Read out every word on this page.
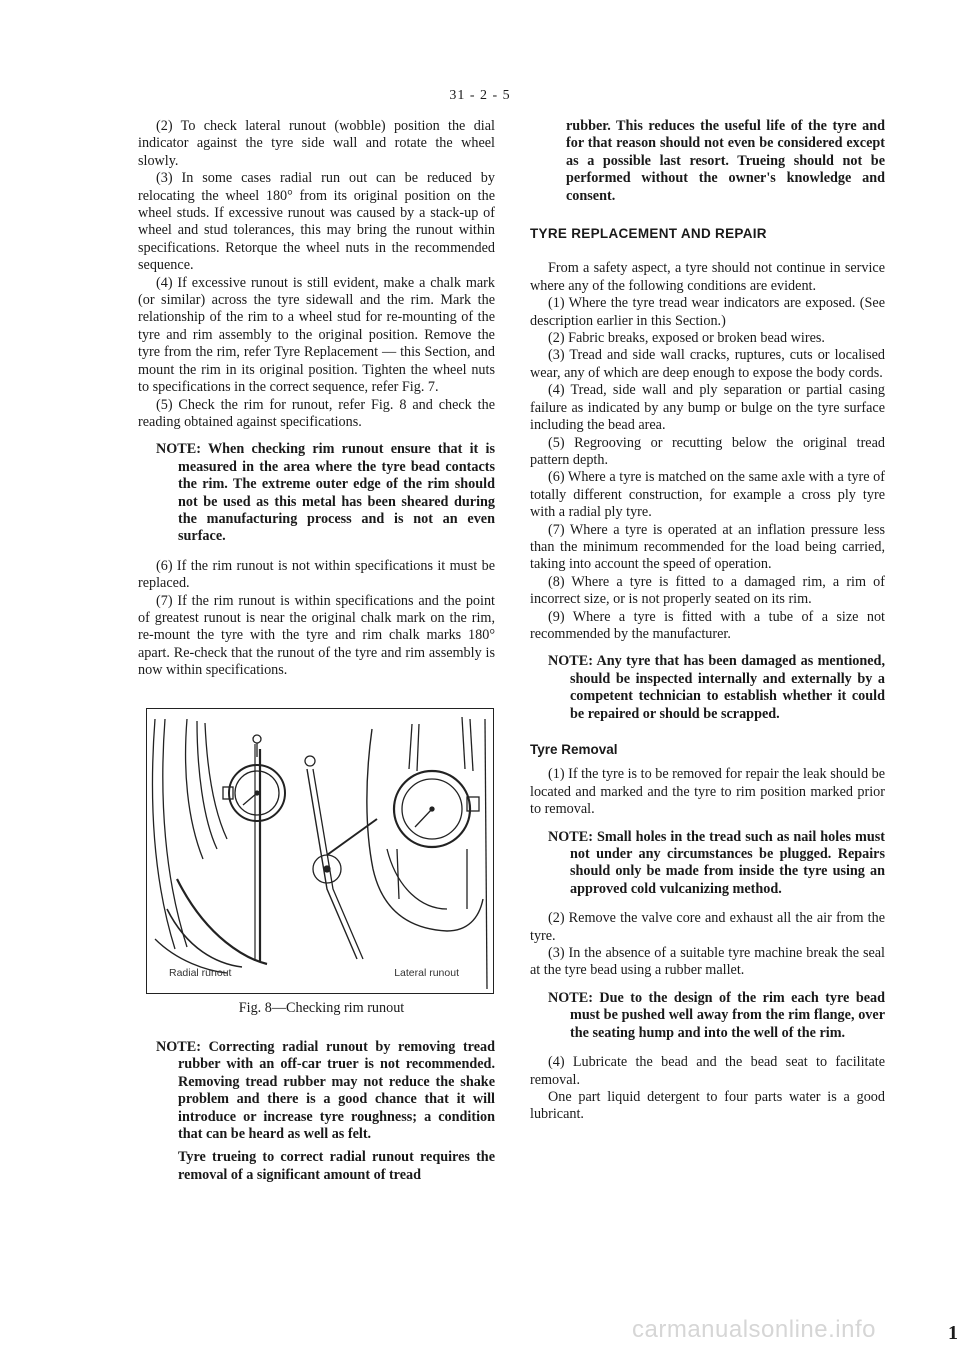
31 - 2 - 5

(2) To check lateral runout (wobble) position the dial indicator against the tyre side wall and rotate the wheel slowly.

(3) In some cases radial run out can be reduced by relocating the wheel 180° from its original position on the wheel studs. If excessive runout was caused by a stack-up of wheel and stud tolerances, this may bring the runout within specifications. Retorque the wheel nuts in the recommended sequence.

(4) If excessive runout is still evident, make a chalk mark (or similar) across the tyre sidewall and the rim. Mark the relationship of the rim to a wheel stud for re-mounting of the tyre and rim assembly to the original position. Remove the tyre from the rim, refer Tyre Replacement — this Section, and mount the rim in its original position. Tighten the wheel nuts to specifications in the correct sequence, refer Fig. 7.

(5) Check the rim for runout, refer Fig. 8 and check the reading obtained against specifications.

NOTE: When checking rim runout ensure that it is measured in the area where the tyre bead contacts the rim. The extreme outer edge of the rim should not be used as this metal has been sheared during the manufacturing process and is not an even surface.

(6) If the rim runout is not within specifications it must be replaced.

(7) If the rim runout is within specifications and the point of greatest runout is near the original chalk mark on the rim, re-mount the tyre with the tyre and rim chalk marks 180° apart. Re-check that the runout of the tyre and rim assembly is now within specifications.

Radial runout	Lateral runout

Fig. 8—Checking rim runout

NOTE: Correcting radial runout by removing tread rubber with an off-car truer is not recommended. Removing tread rubber may not reduce the shake problem and there is a good chance that it will introduce or increase tyre roughness; a condition that can be heard as well as felt.
Tyre trueing to correct radial runout requires the removal of a significant amount of tread

rubber. This reduces the useful life of the tyre and for that reason should not even be considered except as a possible last resort. Trueing should not be performed without the owner's knowledge and consent.

TYRE REPLACEMENT AND REPAIR

From a safety aspect, a tyre should not continue in service where any of the following conditions are evident.

(1) Where the tyre tread wear indicators are exposed. (See description earlier in this Section.)

(2) Fabric breaks, exposed or broken bead wires.

(3) Tread and side wall cracks, ruptures, cuts or localised wear, any of which are deep enough to expose the body cords.

(4) Tread, side wall and ply separation or partial casing failure as indicated by any bump or bulge on the tyre surface including the bead area.

(5) Regrooving or recutting below the original tread pattern depth.

(6) Where a tyre is matched on the same axle with a tyre of totally different construction, for example a cross ply tyre with a radial ply tyre.

(7) Where a tyre is operated at an inflation pressure less than the minimum recommended for the load being carried, taking into account the speed of operation.

(8) Where a tyre is fitted to a damaged rim, a rim of incorrect size, or is not properly seated on its rim.

(9) Where a tyre is fitted with a tube of a size not recommended by the manufacturer.

NOTE: Any tyre that has been damaged as mentioned, should be inspected internally and externally by a competent technician to establish whether it could be repaired or should be scrapped.

Tyre Removal

(1) If the tyre is to be removed for repair the leak should be located and marked and the tyre to rim position marked prior to removal.

NOTE: Small holes in the tread such as nail holes must not under any circumstances be plugged. Repairs should only be made from inside the tyre using an approved cold vulcanizing method.

(2) Remove the valve core and exhaust all the air from the tyre.

(3) In the absence of a suitable tyre machine break the seal at the tyre bead using a rubber mallet.

NOTE: Due to the design of the rim each tyre bead must be pushed well away from the rim flange, over the seating hump and into the well of the rim.

(4) Lubricate the bead and the bead seat to facilitate removal.

One part liquid detergent to four parts water is a good lubricant.

carmanualsonline.info	1
